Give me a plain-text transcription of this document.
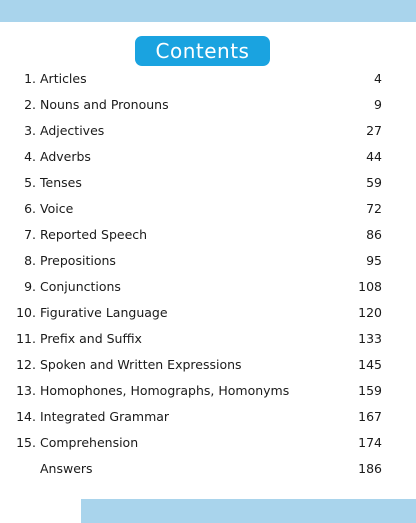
Contents
1. Articles	4
2. Nouns and Pronouns	9
3. Adjectives	27
4. Adverbs	44
5. Tenses	59
6. Voice	72
7. Reported Speech	86
8. Prepositions	95
9. Conjunctions	108
10. Figurative Language	120
11. Prefix and Suffix	133
12. Spoken and Written Expressions	145
13. Homophones, Homographs, Homonyms	159
14. Integrated Grammar	167
15. Comprehension	174
Answers	186
